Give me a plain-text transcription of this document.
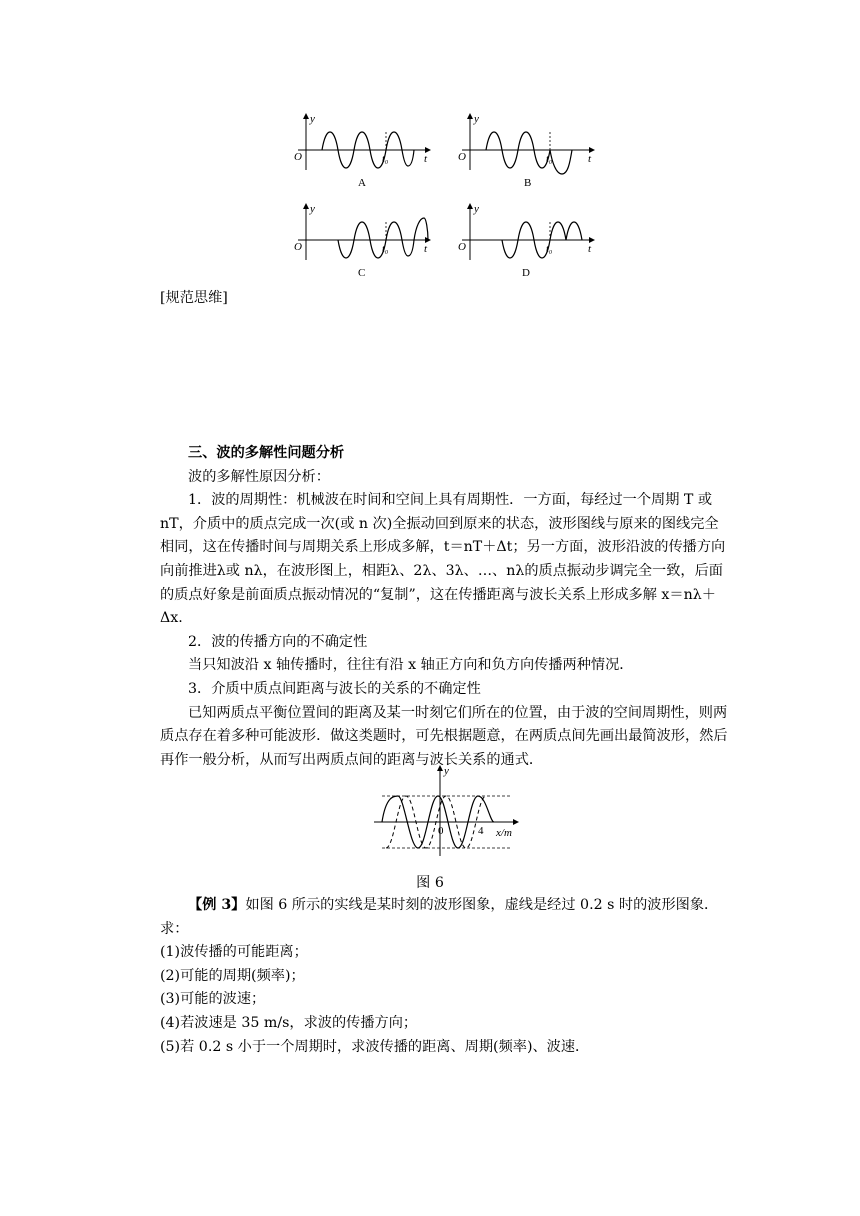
y
O	t₀	t
A
y
O	t₀	t
B
y
O	t₀	t
C
y
O	t₀	t
D
[规范思维]

三、波的多解性问题分析

波的多解性原因分析：

1．波的周期性：机械波在时间和空间上具有周期性．一方面，每经过一个周期 T 或 nT，介质中的质点完成一次(或 n 次)全振动回到原来的状态，波形图线与原来的图线完全相同，这在传播时间与周期关系上形成多解，t＝nT＋Δt；另一方面，波形沿波的传播方向向前推进λ或 nλ，在波形图上，相距λ、2λ、3λ、…、nλ的质点振动步调完全一致，后面的质点好象是前面质点振动情况的“复制”，这在传播距离与波长关系上形成多解 x＝nλ＋Δx.

2．波的传播方向的不确定性

当只知波沿 x 轴传播时，往往有沿 x 轴正方向和负方向传播两种情况．

3．介质中质点间距离与波长的关系的不确定性

已知两质点平衡位置间的距离及某一时刻它们所在的位置，由于波的空间周期性，则两质点存在着多种可能波形．做这类题时，可先根据题意，在两质点间先画出最简波形，然后再作一般分析，从而写出两质点间的距离与波长关系的通式．

y
0	4 x/m
图 6

【例 3】如图 6 所示的实线是某时刻的波形图象，虚线是经过 0.2 s 时的波形图象．求：

(1)波传播的可能距离；

(2)可能的周期(频率)；

(3)可能的波速；

(4)若波速是 35 m/s，求波的传播方向；

(5)若 0.2 s 小于一个周期时，求波传播的距离、周期(频率)、波速．
